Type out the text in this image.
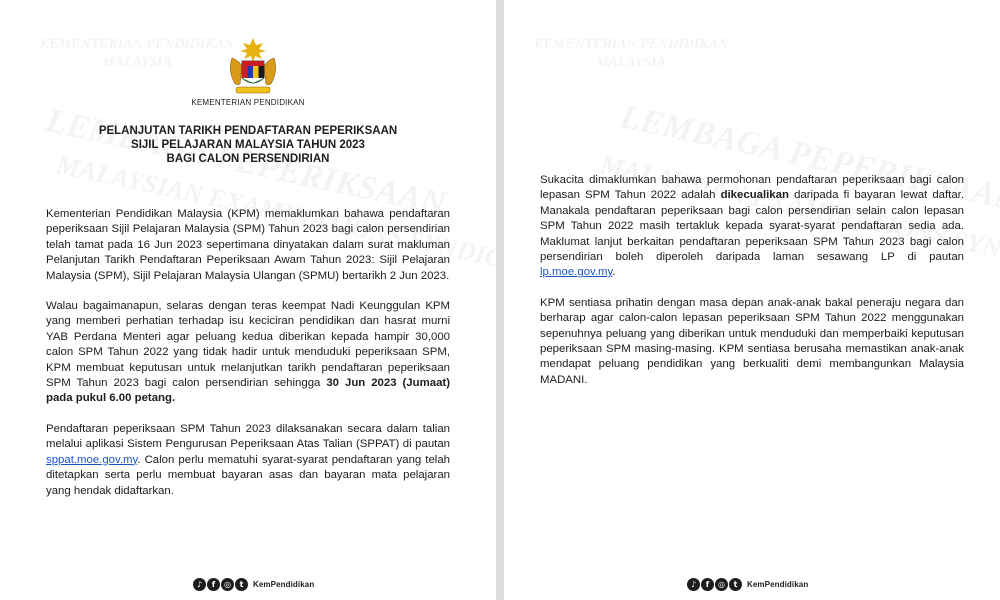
KEMENTERIAN PENDIDIKAN
PELANJUTAN TARIKH PENDAFTARAN PEPERIKSAAN
SIJIL PELAJARAN MALAYSIA TAHUN 2023
BAGI CALON PERSENDIRIAN

Kementerian Pendidikan Malaysia (KPM) memaklumkan bahawa pendaftaran peperiksaan Sijil Pelajaran Malaysia (SPM) Tahun 2023 bagi calon persendirian telah tamat pada 16 Jun 2023 sepertimana dinyatakan dalam surat makluman Pelanjutan Tarikh Pendaftaran Peperiksaan Awam Tahun 2023: Sijil Pelajaran Malaysia (SPM), Sijil Pelajaran Malaysia Ulangan (SPMU) bertarikh 2 Jun 2023.

Walau bagaimanapun, selaras dengan teras keempat Nadi Keunggulan KPM yang memberi perhatian terhadap isu keciciran pendidikan dan hasrat murni YAB Perdana Menteri agar peluang kedua diberikan kepada hampir 30,000 calon SPM Tahun 2022 yang tidak hadir untuk menduduki peperiksaan SPM, KPM membuat keputusan untuk melanjutkan tarikh pendaftaran peperiksaan SPM Tahun 2023 bagi calon persendirian sehingga 30 Jun 2023 (Jumaat) pada pukul 6.00 petang.

Pendaftaran peperiksaan SPM Tahun 2023 dilaksanakan secara dalam talian melalui aplikasi Sistem Pengurusan Peperiksaan Atas Talian (SPPAT) di pautan sppat.moe.gov.my. Calon perlu mematuhi syarat-syarat pendaftaran yang telah ditetapkan serta perlu membuat bayaran asas dan bayaran mata pelajaran yang hendak didaftarkan.

♪	f	◎	t	KemPendidikan

Sukacita dimaklumkan bahawa permohonan pendaftaran peperiksaan bagi calon lepasan SPM Tahun 2022 adalah dikecualikan daripada fi bayaran lewat daftar. Manakala pendaftaran peperiksaan bagi calon persendirian selain calon lepasan SPM Tahun 2022 masih tertakluk kepada syarat-syarat pendaftaran sedia ada. Maklumat lanjut berkaitan pendaftaran peperiksaan SPM Tahun 2023 bagi calon persendirian boleh diperoleh daripada laman sesawang LP di pautan lp.moe.gov.my.

KPM sentiasa prihatin dengan masa depan anak-anak bakal peneraju negara dan berharap agar calon-calon lepasan peperiksaan SPM Tahun 2022 menggunakan sepenuhnya peluang yang diberikan untuk menduduki dan memperbaiki keputusan peperiksaan SPM masing-masing. KPM sentiasa berusaha memastikan anak-anak mendapat peluang pendidikan yang berkualiti demi membangunkan Malaysia MADANI.

♪	f	◎	t	KemPendidikan
